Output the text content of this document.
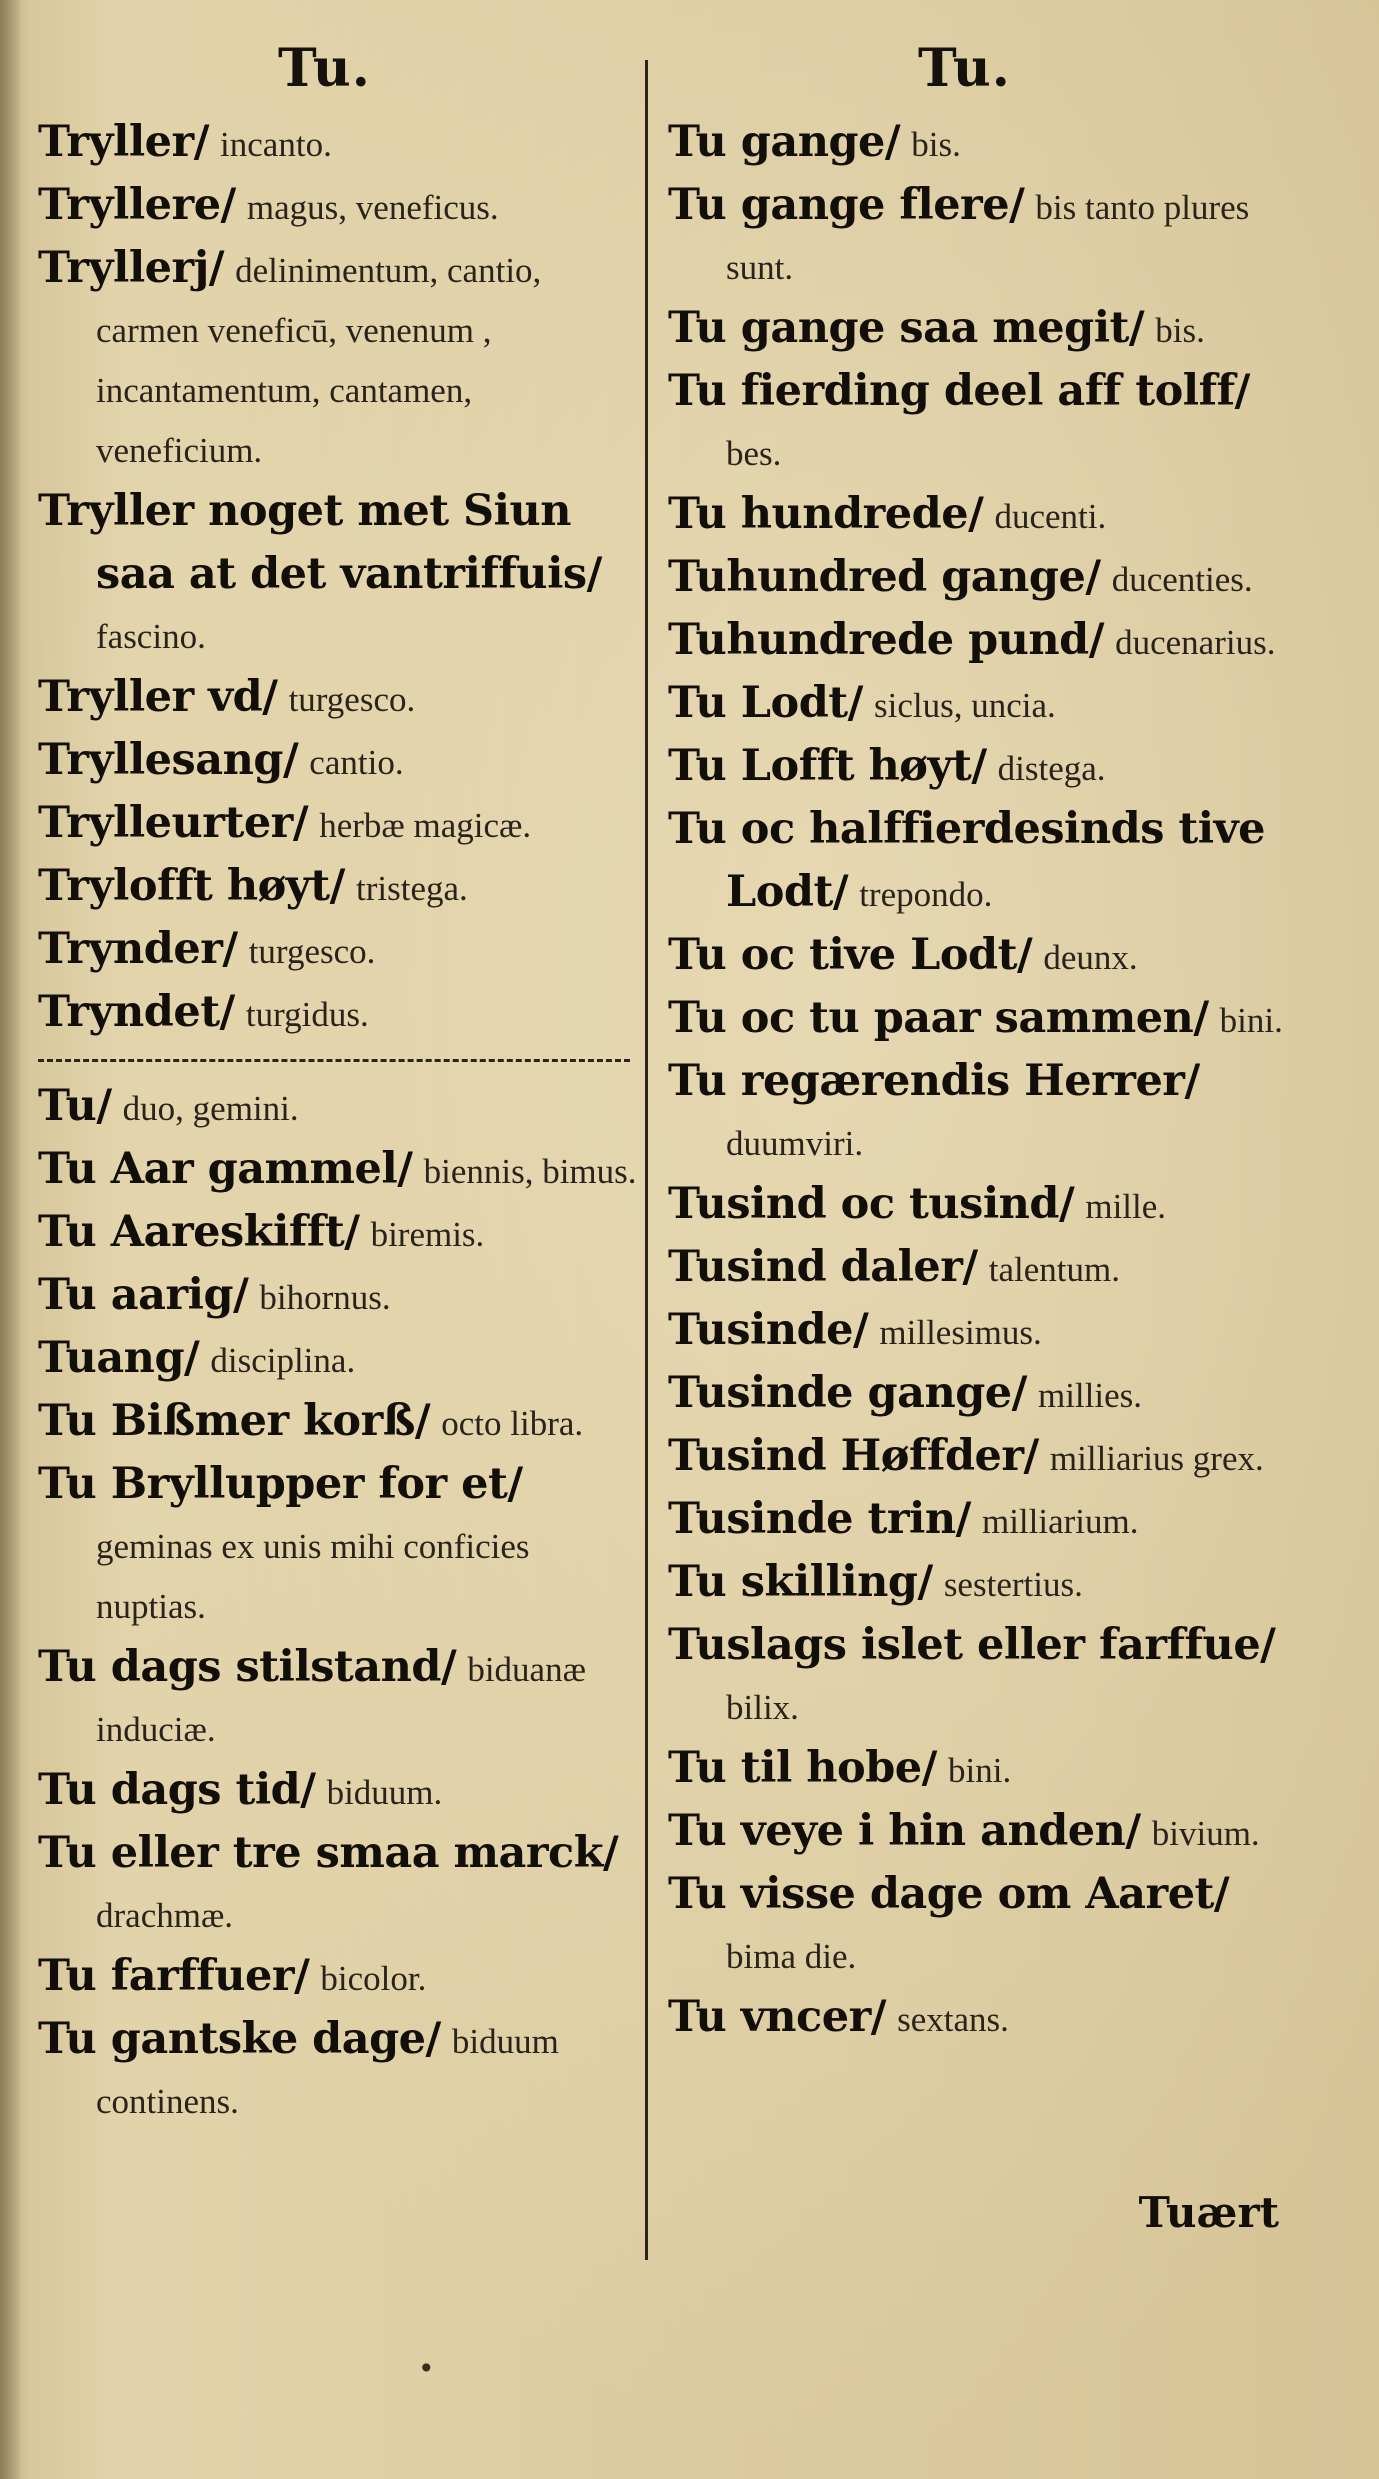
Tu.

Tryller/ incanto.

Tryllere/ magus, veneficus.

Tryllerj/ delinimentum, cantio, carmen veneficū, venenum , incantamentum, cantamen, veneficium.

Tryller noget met Siun saa at det vantriffuis/ fascino.

Tryller vd/ turgesco.

Tryllesang/ cantio.

Trylleurter/ herbæ magicæ.

Trylofft høyt/ tristega.

Trynder/ turgesco.

Tryndet/ turgidus.

Tu/ duo, gemini.

Tu Aar gammel/ biennis, bimus.

Tu Aareskifft/ biremis.

Tu aarig/ bihornus.

Tuang/ disciplina.

Tu Bißmer korß/ octo libra.

Tu Bryllupper for et/ geminas ex unis mihi conficies nuptias.

Tu dags stilstand/ biduanæ induciæ.

Tu dags tid/ biduum.

Tu eller tre smaa marck/ drachmæ.

Tu farffuer/ bicolor.

Tu gantske dage/ biduum continens.

Tu.

Tu gange/ bis.

Tu gange flere/ bis tanto plures sunt.

Tu gange saa megit/ bis.

Tu fierding deel aff tolff/ bes.

Tu hundrede/ ducenti.

Tuhundred gange/ ducenties.

Tuhundrede pund/ ducenarius.

Tu Lodt/ siclus, uncia.

Tu Lofft høyt/ distega.

Tu oc halffierdesinds tive Lodt/ trepondo.

Tu oc tive Lodt/ deunx.

Tu oc tu paar sammen/ bini.

Tu regærendis Herrer/ duumviri.

Tusind oc tusind/ mille.

Tusind daler/ talentum.

Tusinde/ millesimus.

Tusinde gange/ millies.

Tusind Høffder/ milliarius grex.

Tusinde trin/ milliarium.

Tu skilling/ sestertius.

Tuslags islet eller farffue/ bilix.

Tu til hobe/ bini.

Tu veye i hin anden/ bivium.

Tu visse dage om Aaret/ bima die.

Tu vncer/ sextans.

Tuært
•
